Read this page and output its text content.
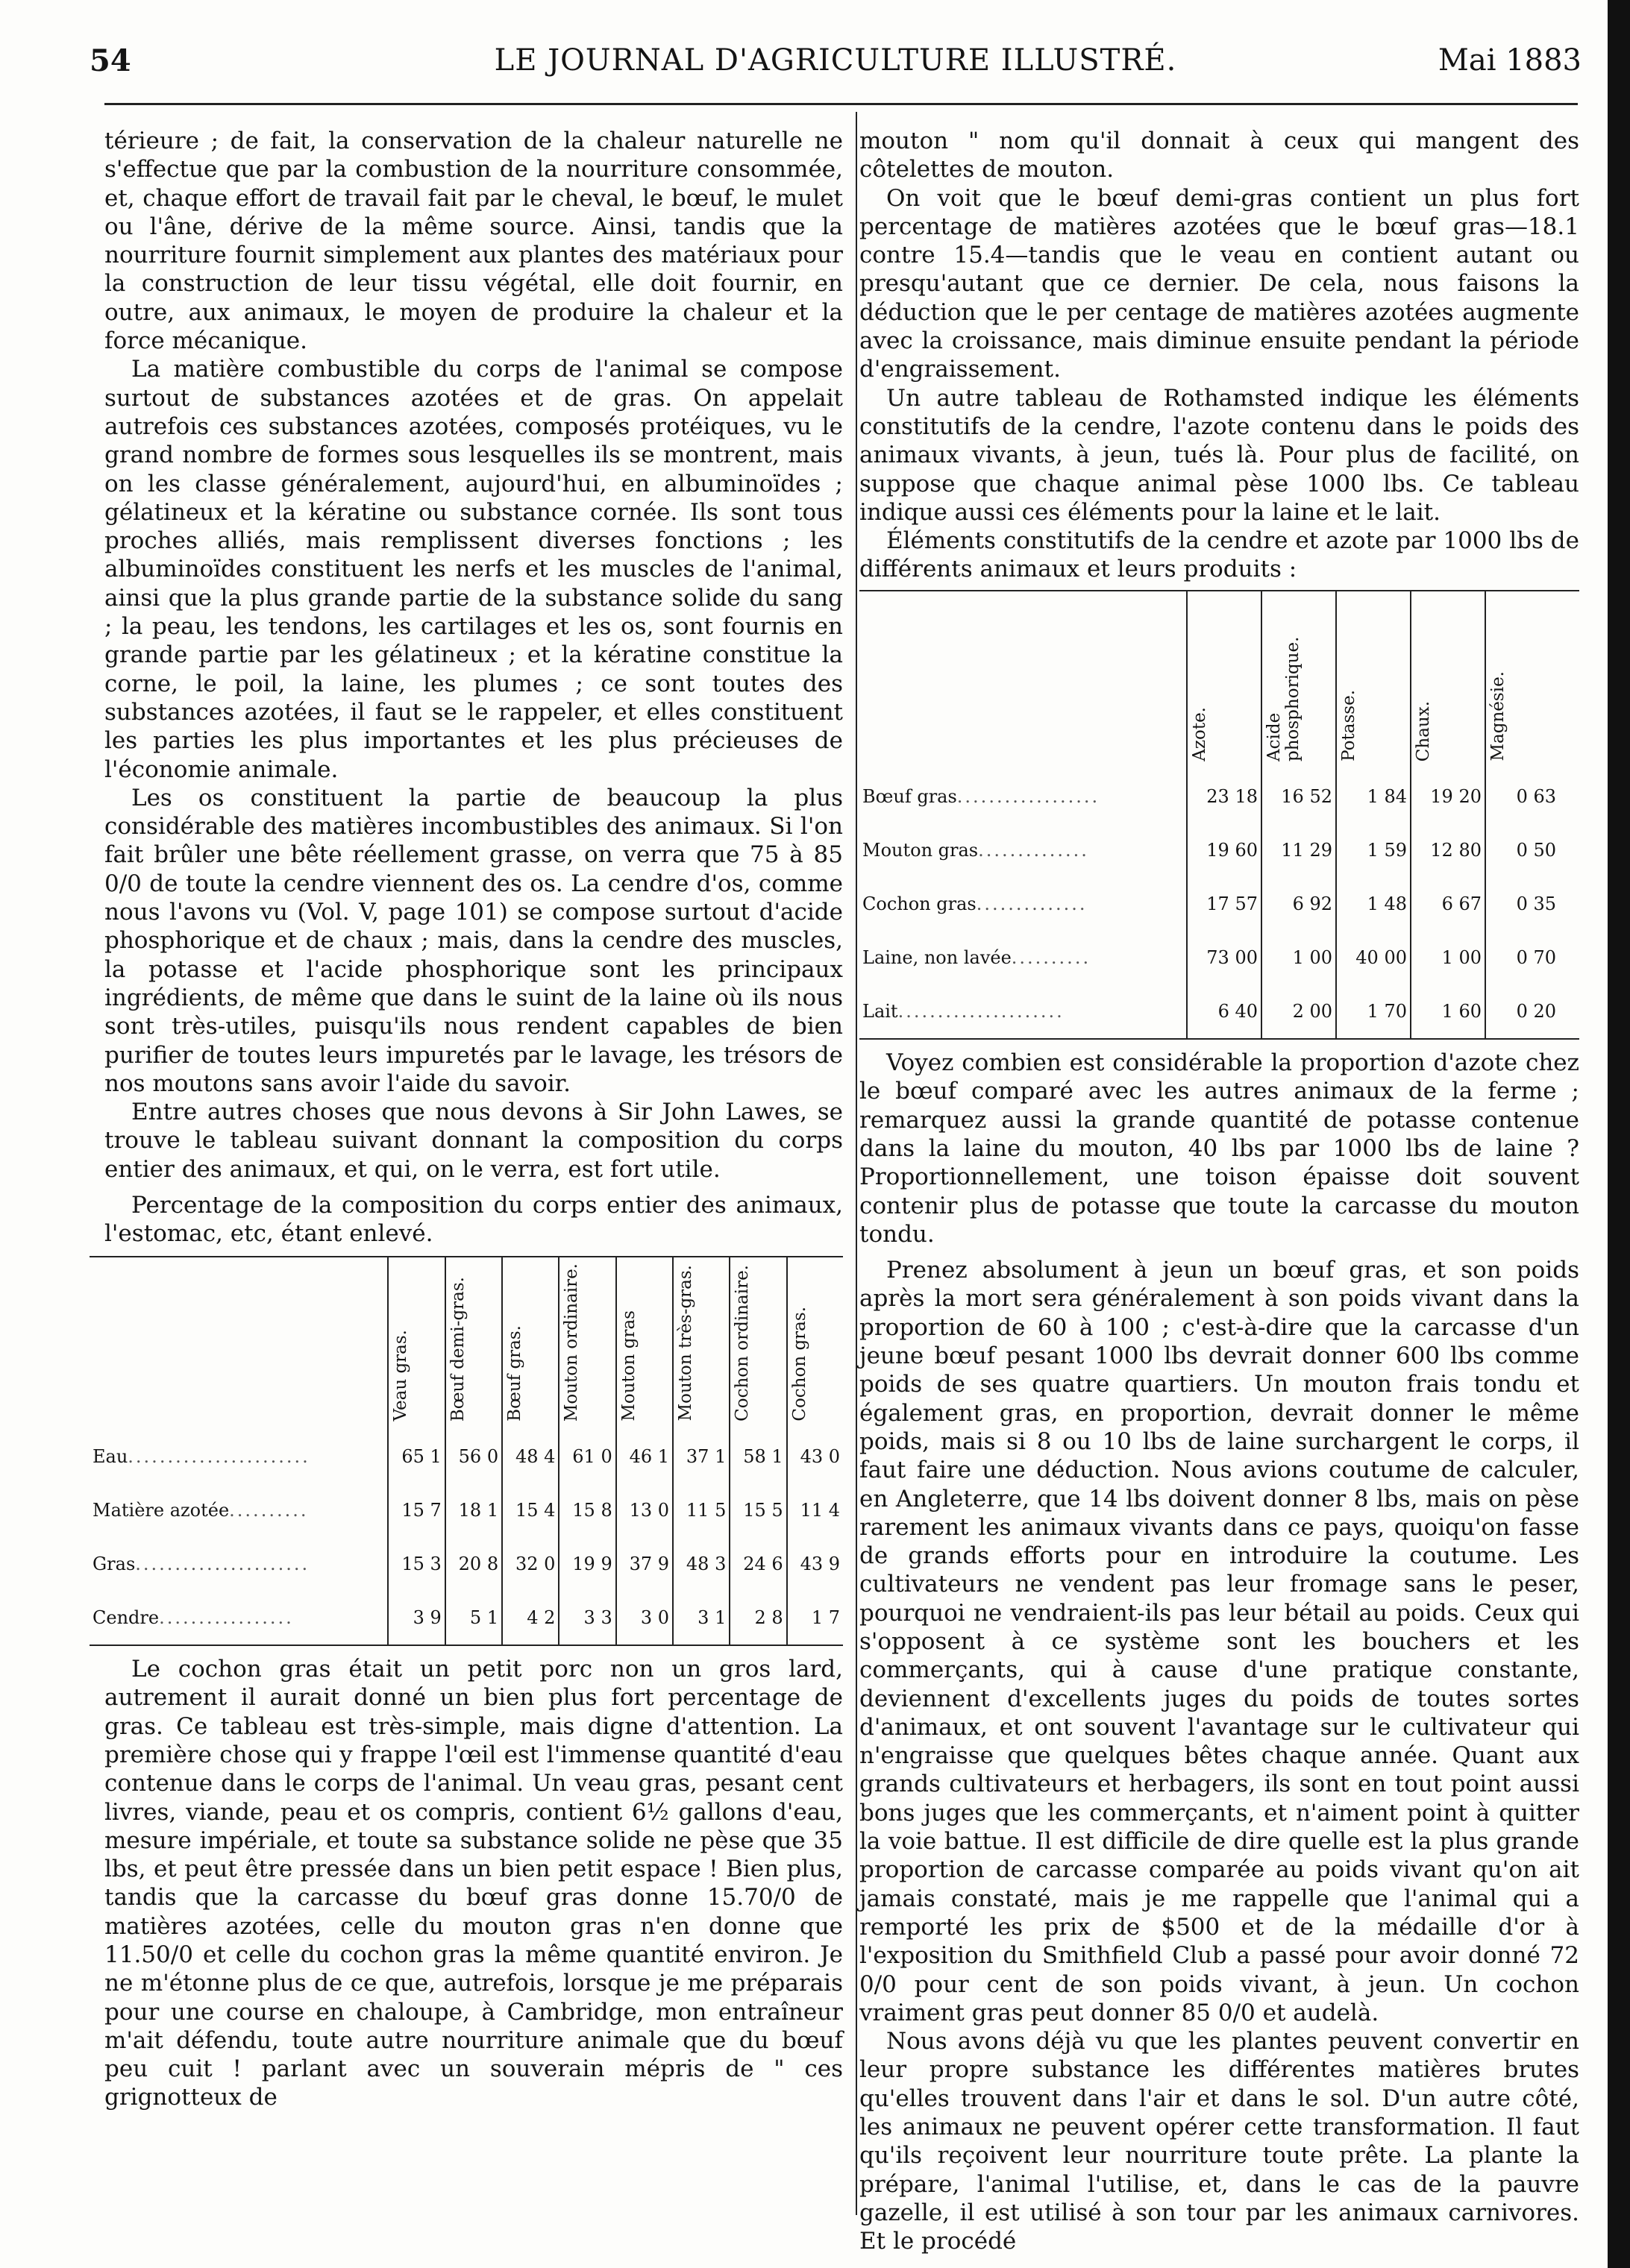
54	LE JOURNAL D'AGRICULTURE ILLUSTRÉ.	Mai 1883

térieure ; de fait, la conservation de la chaleur naturelle ne s'effectue que par la combustion de la nourriture consommée, et, chaque effort de travail fait par le cheval, le bœuf, le mulet ou l'âne, dérive de la même source. Ainsi, tandis que la nourriture fournit simplement aux plantes des matériaux pour la construction de leur tissu végétal, elle doit fournir, en outre, aux animaux, le moyen de produire la chaleur et la force mécanique.

La matière combustible du corps de l'animal se compose surtout de substances azotées et de gras. On appelait autrefois ces substances azotées, composés protéiques, vu le grand nombre de formes sous lesquelles ils se montrent, mais on les classe généralement, aujourd'hui, en albuminoïdes ; gélatineux et la kératine ou substance cornée. Ils sont tous proches alliés, mais remplissent diverses fonctions ; les albuminoïdes constituent les nerfs et les muscles de l'animal, ainsi que la plus grande partie de la substance solide du sang ; la peau, les tendons, les cartilages et les os, sont fournis en grande partie par les gélatineux ; et la kératine constitue la corne, le poil, la laine, les plumes ; ce sont toutes des substances azotées, il faut se le rappeler, et elles constituent les parties les plus importantes et les plus précieuses de l'économie animale.

Les os constituent la partie de beaucoup la plus considérable des matières incombustibles des animaux. Si l'on fait brûler une bête réellement grasse, on verra que 75 à 85 0/0 de toute la cendre viennent des os. La cendre d'os, comme nous l'avons vu (Vol. V, page 101) se compose surtout d'acide phosphorique et de chaux ; mais, dans la cendre des muscles, la potasse et l'acide phosphorique sont les principaux ingrédients, de même que dans le suint de la laine où ils nous sont très-utiles, puisqu'ils nous rendent capables de bien purifier de toutes leurs impuretés par le lavage, les trésors de nos moutons sans avoir l'aide du savoir.

Entre autres choses que nous devons à Sir John Lawes, se trouve le tableau suivant donnant la composition du corps entier des animaux, et qui, on le verra, est fort utile.

Percentage de la composition du corps entier des animaux, l'estomac, etc, étant enlevé.

	Veau gras.	Bœuf demi-gras.	Bœuf gras.	Mouton ordinaire.	Mouton gras	Mouton très-gras.	Cochon ordinaire.	Cochon gras.
Eau.......................	65 1	56 0	48 4	61 0	46 1	37 1	58 1	43 0
Matière azotée..........	15 7	18 1	15 4	15 8	13 0	11 5	15 5	11 4
Gras......................	15 3	20 8	32 0	19 9	37 9	48 3	24 6	43 9
Cendre.................	3 9	5 1	4 2	3 3	3 0	3 1	2 8	1 7

Le cochon gras était un petit porc non un gros lard, autrement il aurait donné un bien plus fort percentage de gras. Ce tableau est très-simple, mais digne d'attention. La première chose qui y frappe l'œil est l'immense quantité d'eau contenue dans le corps de l'animal. Un veau gras, pesant cent livres, viande, peau et os compris, contient 6½ gallons d'eau, mesure impériale, et toute sa substance solide ne pèse que 35 lbs, et peut être pressée dans un bien petit espace ! Bien plus, tandis que la carcasse du bœuf gras donne 15.70/0 de matières azotées, celle du mouton gras n'en donne que 11.50/0 et celle du cochon gras la même quantité environ. Je ne m'étonne plus de ce que, autrefois, lorsque je me préparais pour une course en chaloupe, à Cambridge, mon entraîneur m'ait défendu, toute autre nourriture animale que du bœuf peu cuit ! parlant avec un souverain mépris de " ces grignotteux de

mouton " nom qu'il donnait à ceux qui mangent des côtelettes de mouton.

On voit que le bœuf demi-gras contient un plus fort percentage de matières azotées que le bœuf gras—18.1 contre 15.4—tandis que le veau en contient autant ou presqu'autant que ce dernier. De cela, nous faisons la déduction que le per centage de matières azotées augmente avec la croissance, mais diminue ensuite pendant la période d'engraissement.

Un autre tableau de Rothamsted indique les éléments constitutifs de la cendre, l'azote contenu dans le poids des animaux vivants, à jeun, tués là. Pour plus de facilité, on suppose que chaque animal pèse 1000 lbs. Ce tableau indique aussi ces éléments pour la laine et le lait.

Éléments constitutifs de la cendre et azote par 1000 lbs de différents animaux et leurs produits :

	Azote.	Acide phosphorique.	Potasse.	Chaux.	Magnésie.
Bœuf gras..................	23 18	16 52	1 84	19 20	0 63
Mouton gras..............	19 60	11 29	1 59	12 80	0 50
Cochon gras..............	17 57	6 92	1 48	6 67	0 35
Laine, non lavée..........	73 00	1 00	40 00	1 00	0 70
Lait.....................	6 40	2 00	1 70	1 60	0 20

Voyez combien est considérable la proportion d'azote chez le bœuf comparé avec les autres animaux de la ferme ; remarquez aussi la grande quantité de potasse contenue dans la laine du mouton, 40 lbs par 1000 lbs de laine ? Proportionnellement, une toison épaisse doit souvent contenir plus de potasse que toute la carcasse du mouton tondu.

Prenez absolument à jeun un bœuf gras, et son poids après la mort sera généralement à son poids vivant dans la proportion de 60 à 100 ; c'est-à-dire que la carcasse d'un jeune bœuf pesant 1000 lbs devrait donner 600 lbs comme poids de ses quatre quartiers. Un mouton frais tondu et également gras, en proportion, devrait donner le même poids, mais si 8 ou 10 lbs de laine surchargent le corps, il faut faire une déduction. Nous avions coutume de calculer, en Angleterre, que 14 lbs doivent donner 8 lbs, mais on pèse rarement les animaux vivants dans ce pays, quoiqu'on fasse de grands efforts pour en introduire la coutume. Les cultivateurs ne vendent pas leur fromage sans le peser, pourquoi ne vendraient-ils pas leur bétail au poids. Ceux qui s'opposent à ce système sont les bouchers et les commerçants, qui à cause d'une pratique constante, deviennent d'excellents juges du poids de toutes sortes d'animaux, et ont souvent l'avantage sur le cultivateur qui n'engraisse que quelques bêtes chaque année. Quant aux grands cultivateurs et herbagers, ils sont en tout point aussi bons juges que les commerçants, et n'aiment point à quitter la voie battue. Il est difficile de dire quelle est la plus grande proportion de carcasse comparée au poids vivant qu'on ait jamais constaté, mais je me rappelle que l'animal qui a remporté les prix de $500 et de la médaille d'or à l'exposition du Smithfield Club a passé pour avoir donné 72 0/0 pour cent de son poids vivant, à jeun. Un cochon vraiment gras peut donner 85 0/0 et audelà.

Nous avons déjà vu que les plantes peuvent convertir en leur propre substance les différentes matières brutes qu'elles trouvent dans l'air et dans le sol. D'un autre côté, les animaux ne peuvent opérer cette transformation. Il faut qu'ils reçoivent leur nourriture toute prête. La plante la prépare, l'animal l'utilise, et, dans le cas de la pauvre gazelle, il est utilisé à son tour par les animaux carnivores. Et le procédé
